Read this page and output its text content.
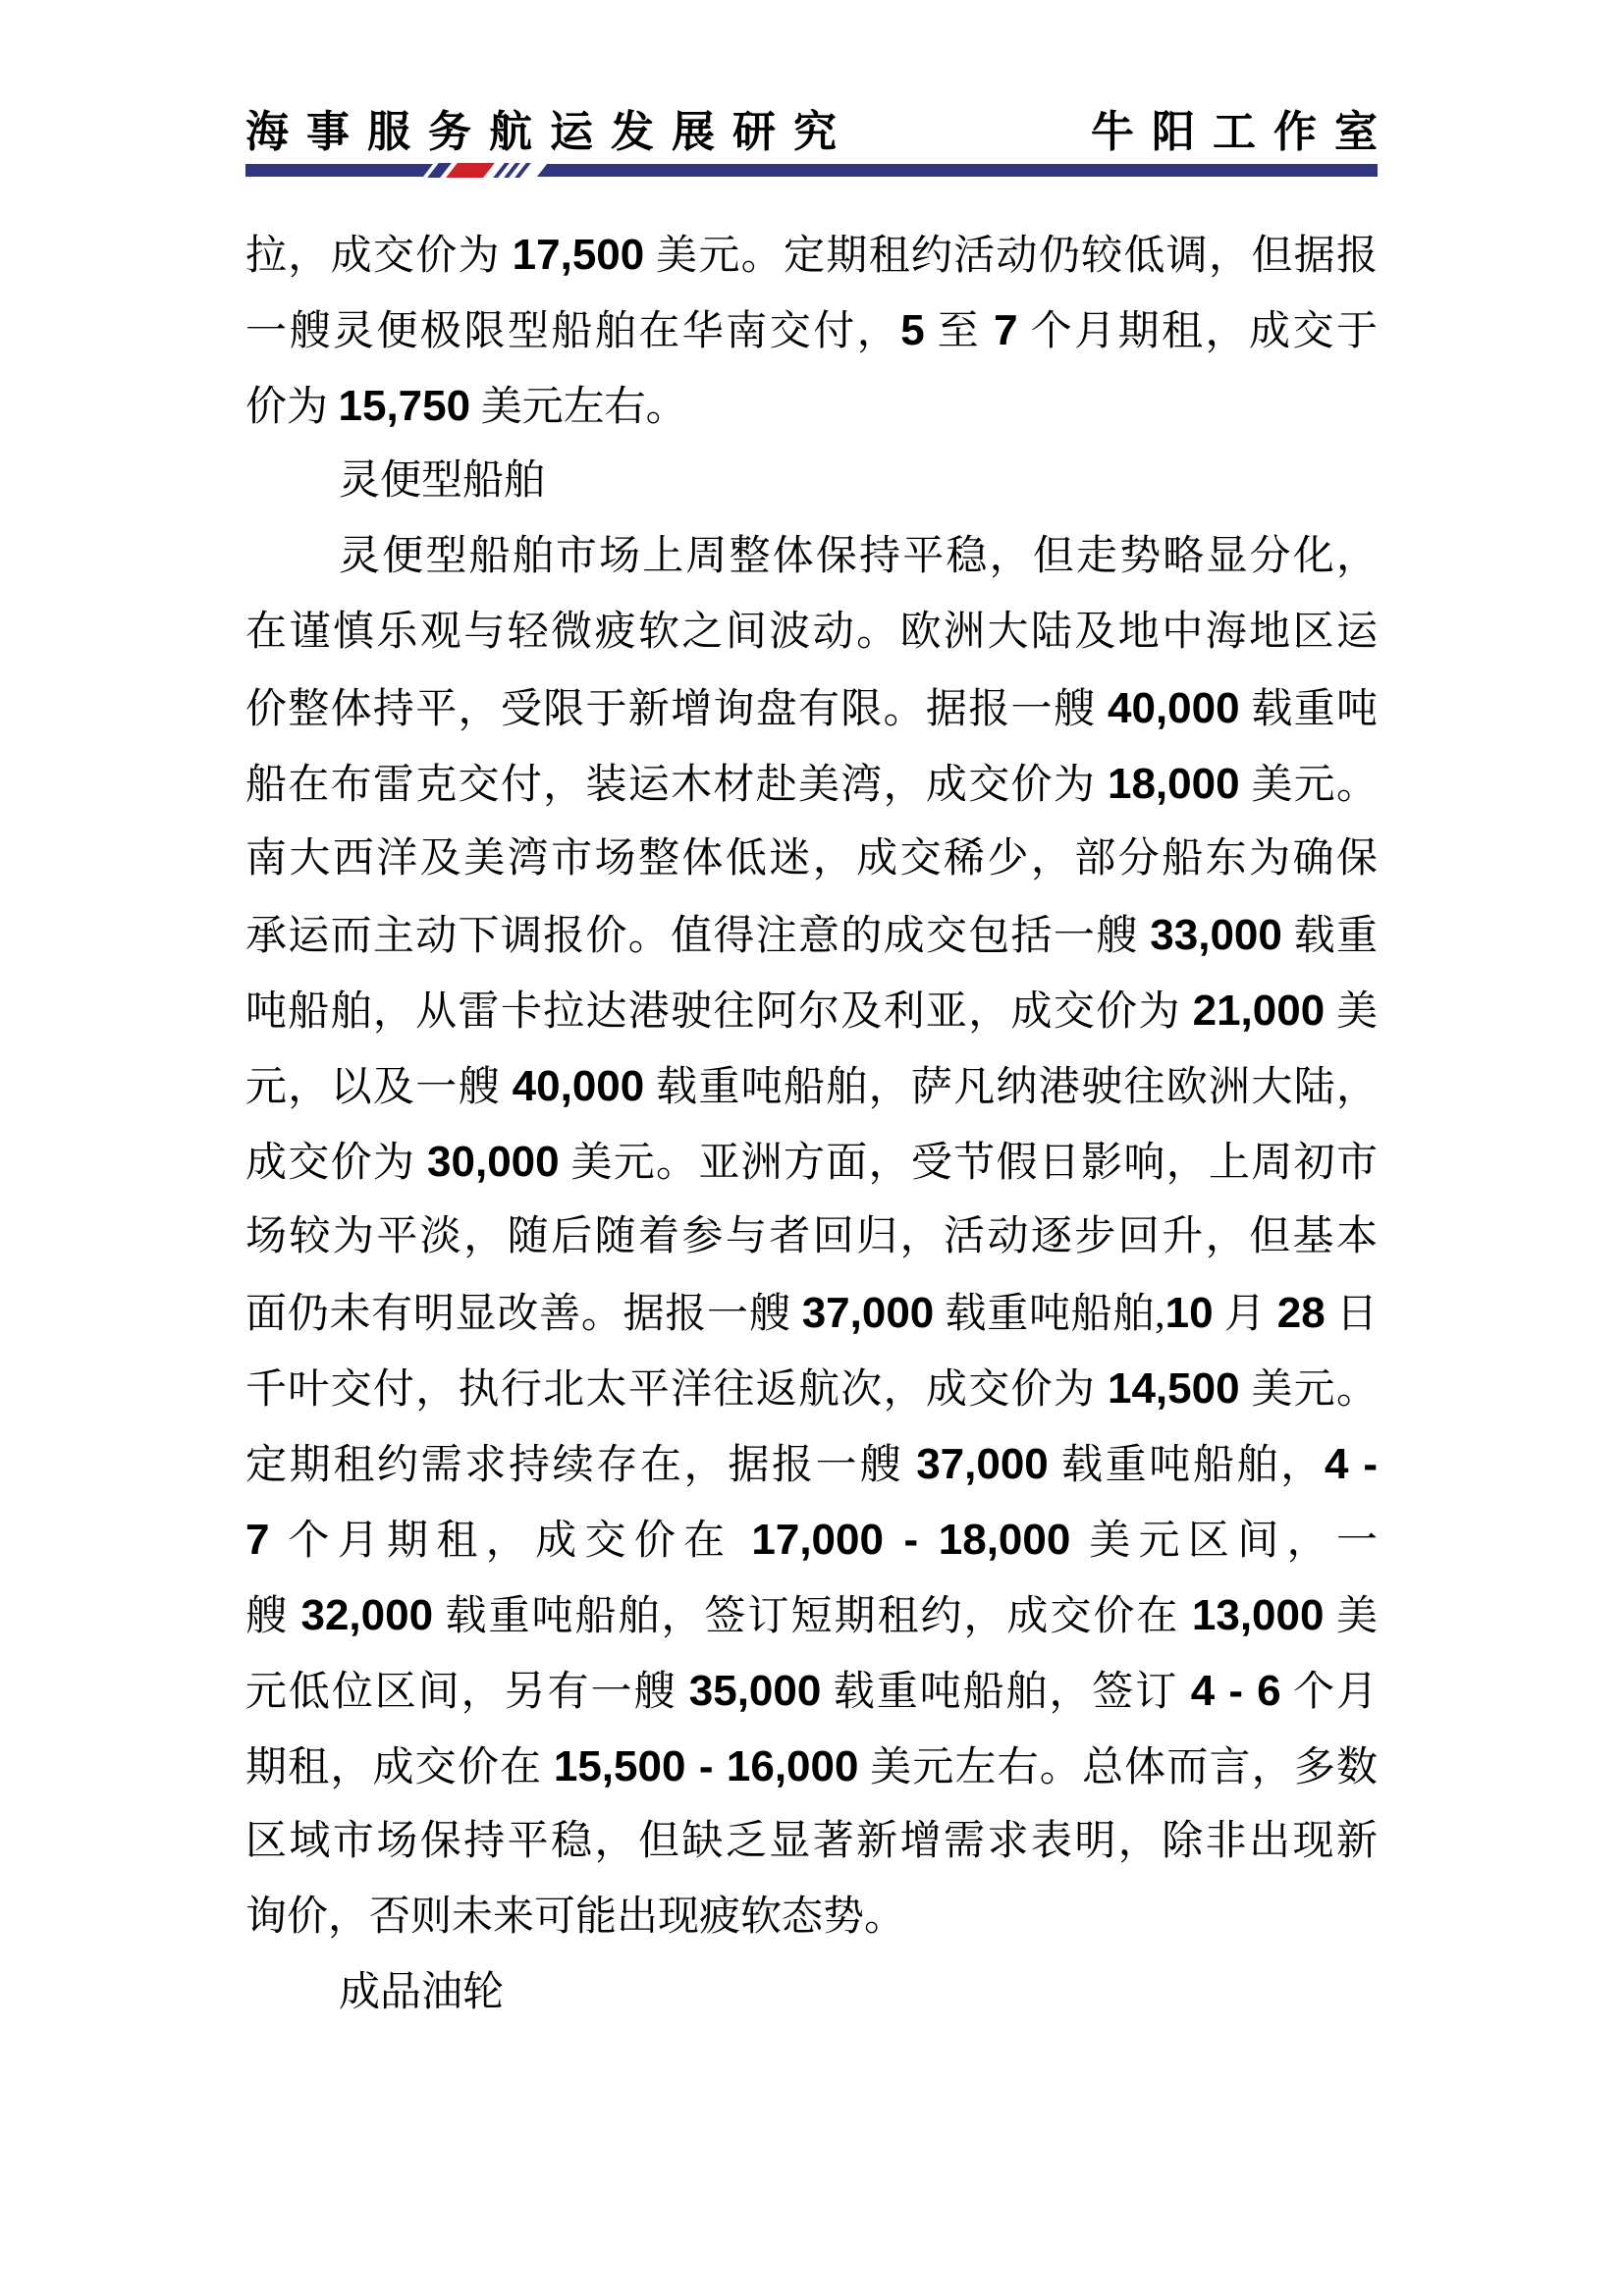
海事服务航运发展研究	牛阳工作室
拉，成交价为 17,500 美元。定期租约活动仍较低调，但据报
一艘灵便极限型船舶在华南交付，5 至 7 个月期租，成交于
价为 15,750 美元左右。
灵便型船舶
灵便型船舶市场上周整体保持平稳，但走势略显分化，
在谨慎乐观与轻微疲软之间波动。欧洲大陆及地中海地区运
价整体持平，受限于新增询盘有限。据报一艘 40,000 载重吨
船在布雷克交付，装运木材赴美湾，成交价为 18,000 美元。
南大西洋及美湾市场整体低迷，成交稀少，部分船东为确保
承运而主动下调报价。值得注意的成交包括一艘 33,000 载重
吨船舶，从雷卡拉达港驶往阿尔及利亚，成交价为 21,000 美
元，以及一艘 40,000 载重吨船舶，萨凡纳港驶往欧洲大陆，
成交价为 30,000 美元。亚洲方面，受节假日影响，上周初市
场较为平淡，随后随着参与者回归，活动逐步回升，但基本
面仍未有明显改善。据报一艘 37,000 载重吨船舶,10 月 28 日
千叶交付，执行北太平洋往返航次，成交价为 14,500 美元。
定期租约需求持续存在，据报一艘 37,000 载重吨船舶，4 -
7 个月期租，成交价在 17,000 - 18,000 美元区间，一
艘 32,000 载重吨船舶，签订短期租约，成交价在 13,000 美
元低位区间，另有一艘 35,000 载重吨船舶，签订 4 - 6 个月
期租，成交价在 15,500 - 16,000 美元左右。总体而言，多数
区域市场保持平稳，但缺乏显著新增需求表明，除非出现新
询价，否则未来可能出现疲软态势。
成品油轮
